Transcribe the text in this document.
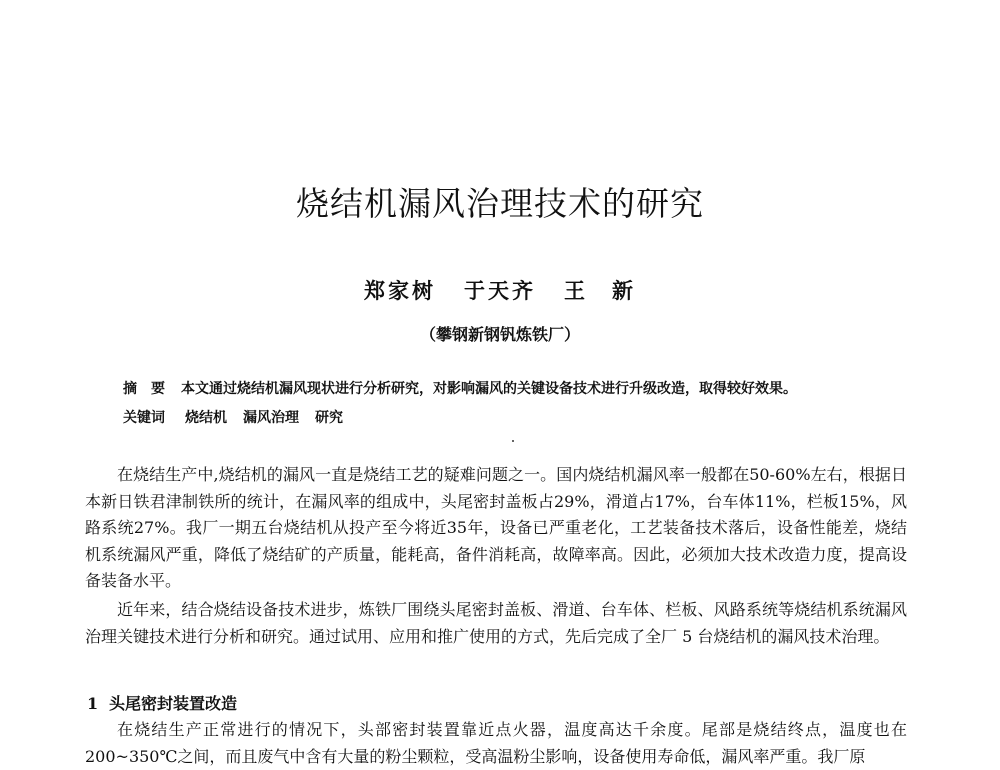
烧结机漏风治理技术的研究
郑家树 于天齐 王　新
（攀钢新钢钒炼铁厂）
摘要 本文通过烧结机漏风现状进行分析研究，对影响漏风的关键设备技术进行升级改造，取得较好效果。
关键词 烧结机 漏风治理 研究

在烧结生产中,烧结机的漏风一直是烧结工艺的疑难问题之一。国内烧结机漏风率一般都在50-60%左右，根据日本新日铁君津制铁所的统计，在漏风率的组成中，头尾密封盖板占29%，滑道占17%，台车体11%，栏板15%，风路系统27%。我厂一期五台烧结机从投产至今将近35年，设备已严重老化，工艺装备技术落后，设备性能差，烧结机系统漏风严重，降低了烧结矿的产质量，能耗高，备件消耗高，故障率高。因此，必须加大技术改造力度，提高设备装备水平。

近年来，结合烧结设备技术进步，炼铁厂围绕头尾密封盖板、滑道、台车体、栏板、风路系统等烧结机系统漏风治理关键技术进行分析和研究。通过试用、应用和推广使用的方式，先后完成了全厂 5 台烧结机的漏风技术治理。

1 头尾密封装置改造

在烧结生产正常进行的情况下，头部密封装置靠近点火器，温度高达千余度。尾部是烧结终点，温度也在200~350℃之间，而且废气中含有大量的粉尘颗粒，受高温粉尘影响，设备使用寿命低，漏风率严重。我厂原
